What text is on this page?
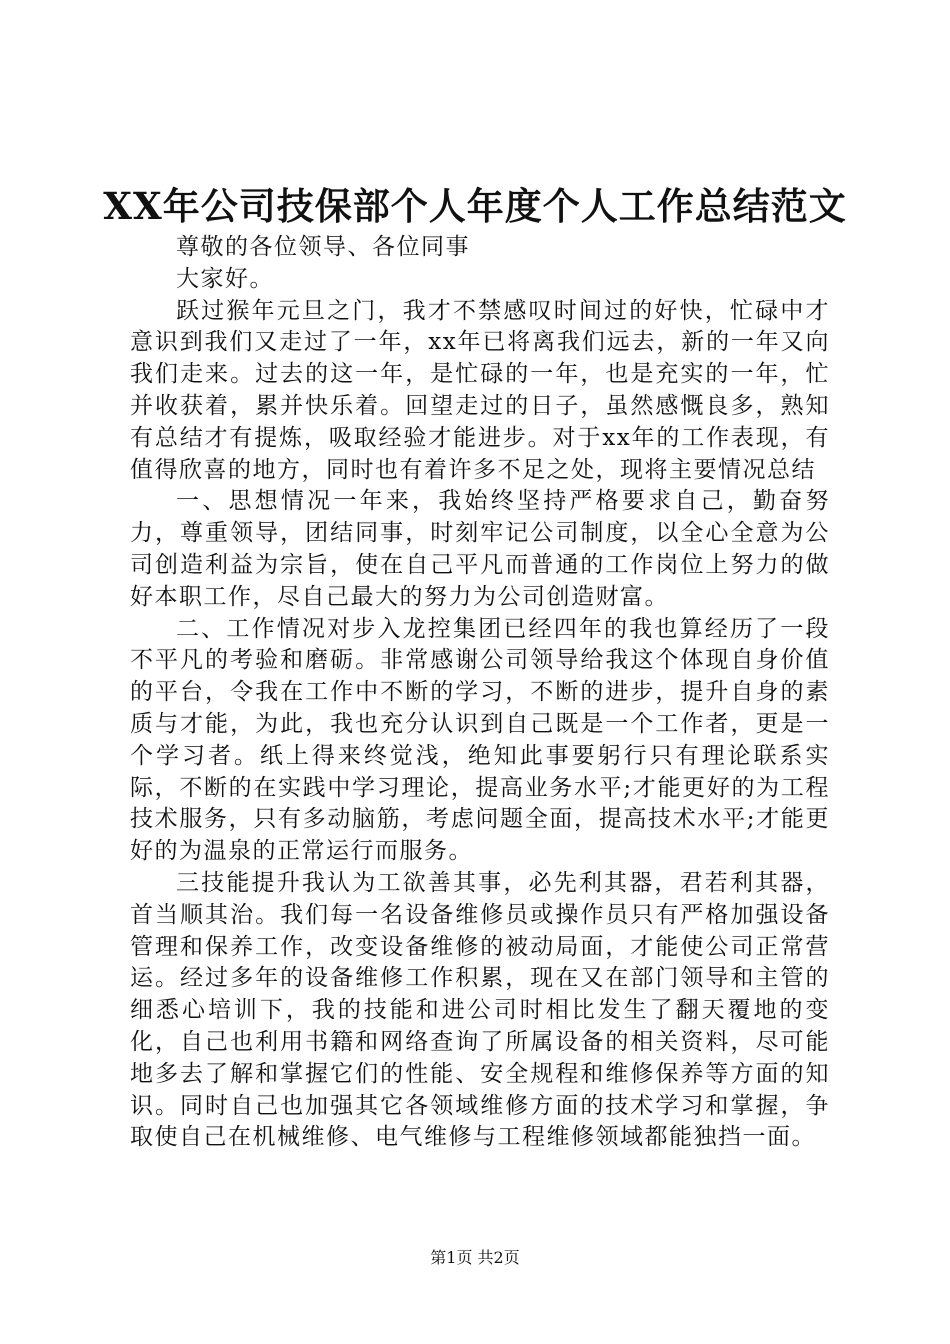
XX年公司技保部个人年度个人工作总结范文

尊敬的各位领导、各位同事

大家好。

跃过猴年元旦之门，我才不禁感叹时间过的好快，忙碌中才意识到我们又走过了一年，xx年已将离我们远去，新的一年又向我们走来。过去的这一年，是忙碌的一年，也是充实的一年，忙并收获着，累并快乐着。回望走过的日子，虽然感慨良多，熟知有总结才有提炼，吸取经验才能进步。对于xx年的工作表现，有值得欣喜的地方，同时也有着许多不足之处，现将主要情况总结

一、思想情况一年来，我始终坚持严格要求自己，勤奋努力，尊重领导，团结同事，时刻牢记公司制度，以全心全意为公司创造利益为宗旨，使在自己平凡而普通的工作岗位上努力的做好本职工作，尽自己最大的努力为公司创造财富。

二、工作情况对步入龙控集团已经四年的我也算经历了一段不平凡的考验和磨砺。非常感谢公司领导给我这个体现自身价值的平台，令我在工作中不断的学习，不断的进步，提升自身的素质与才能，为此，我也充分认识到自己既是一个工作者，更是一个学习者。纸上得来终觉浅，绝知此事要躬行只有理论联系实际，不断的在实践中学习理论，提高业务水平;才能更好的为工程技术服务，只有多动脑筋，考虑问题全面，提高技术水平;才能更好的为温泉的正常运行而服务。

三技能提升我认为工欲善其事，必先利其器，君若利其器，首当顺其治。我们每一名设备维修员或操作员只有严格加强设备管理和保养工作，改变设备维修的被动局面，才能使公司正常营运。经过多年的设备维修工作积累，现在又在部门领导和主管的细悉心培训下，我的技能和进公司时相比发生了翻天覆地的变化，自己也利用书籍和网络查询了所属设备的相关资料，尽可能地多去了解和掌握它们的性能、安全规程和维修保养等方面的知识。同时自己也加强其它各领域维修方面的技术学习和掌握，争取使自己在机械维修、电气维修与工程维修领域都能独挡一面。

第1页 共2页
